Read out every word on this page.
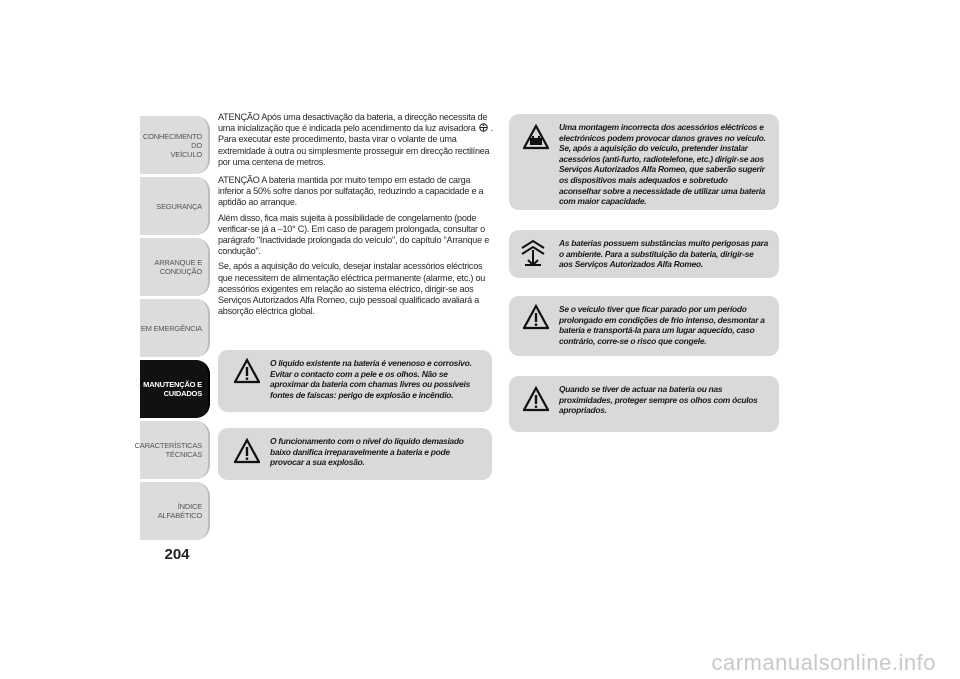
CONHECIMENTO DO
VEÍCULO
SEGURANÇA
ARRANQUE E
CONDUÇÃO
EM EMERGÊNCIA
MANUTENÇÃO E
CUIDADOS
CARACTERÍSTICAS
TÉCNICAS
ÍNDICE ALFABÉTICO
204

ATENÇÃO Após uma desactivação da bateria, a direcção necessita de uma inicialização que é indicada pelo acendimento da luz avisadora . Para executar este procedimento, basta virar o volante de uma extremidade à outra ou simplesmente prosseguir em direcção rectilínea por uma centena de metros.

ATENÇÃO A bateria mantida por muito tempo em estado de carga inferior a 50% sofre danos por sulfatação, reduzindo a capacidade e a aptidão ao arranque.

Além disso, fica mais sujeita à possibilidade de congelamento (pode verificar-se já a –10° C). Em caso de paragem prolongada, consultar o parágrafo "Inactividade prolongada do veículo", do capítulo "Arranque e condução".

Se, após a aquisição do veículo, desejar instalar acessórios eléctricos que necessitem de alimentação eléctrica permanente (alarme, etc.) ou acessórios exigentes em relação ao sistema eléctrico, dirigir-se aos Serviços Autorizados Alfa Romeo, cujo pessoal qualificado avaliará a absorção eléctrica global.

O líquido existente na bateria é venenoso e corrosivo. Evitar o contacto com a pele e os olhos. Não se aproximar da bateria com chamas livres ou possíveis fontes de faíscas: perigo de explosão e incêndio.
O funcionamento com o nível do líquido demasiado baixo danifica irreparavelmente a bateria e pode provocar a sua explosão.
Uma montagem incorrecta dos acessórios eléctricos e electrónicos podem provocar danos graves no veículo. Se, após a aquisição do veículo, pretender instalar acessórios (anti-furto, radiotelefone, etc.) dirigir-se aos Serviços Autorizados Alfa Romeo, que saberão sugerir os dispositivos mais adequados e sobretudo aconselhar sobre a necessidade de utilizar uma bateria com maior capacidade.
As baterias possuem substâncias muito perigosas para o ambiente. Para a substituição da bateria, dirigir-se aos Serviços Autorizados Alfa Romeo.
Se o veículo tiver que ficar parado por um período prolongado em condições de frio intenso, desmontar a bateria e transportá-la para um lugar aquecido, caso contrário, corre-se o risco que congele.
Quando se tiver de actuar na bateria ou nas proximidades, proteger sempre os olhos com óculos apropriados.
carmanualsonline.info
